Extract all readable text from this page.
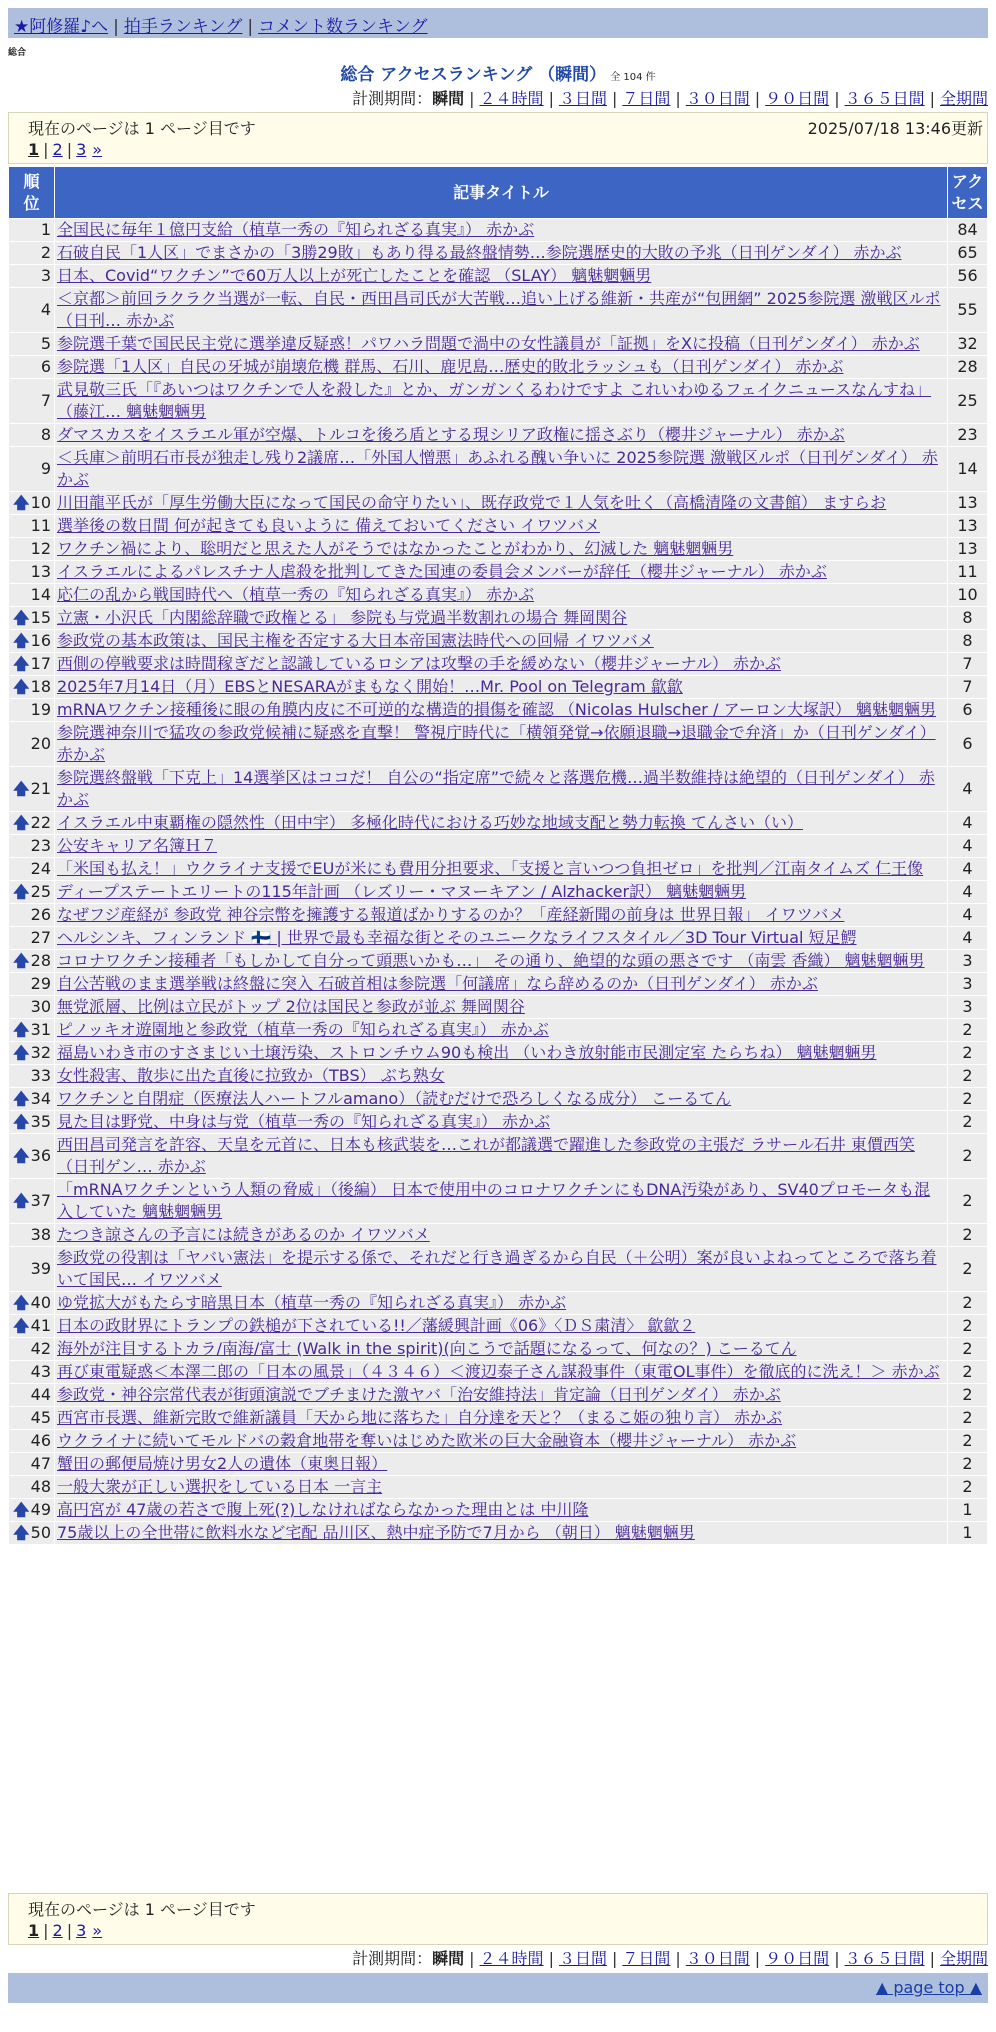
★阿修羅♪へ | 拍手ランキング | コメント数ランキング
総合
総合 アクセスランキング （瞬間） 全 104 件
計測期間：瞬間 | ２４時間 | ３日間 | ７日間 | ３０日間 | ９０日間 | ３６５日間 | 全期間
現在のページは 1 ページ目です	2025/07/18 13:46更新
1 | 2 | 3 »
順
位	記事タイトル	アク
セス
1	全国民に毎年１億円支給（植草一秀の『知られざる真実』） 赤かぶ	84
2	石破自民「1人区」でまさかの「3勝29敗」もあり得る最終盤情勢…参院選歴史的大敗の予兆（日刊ゲンダイ） 赤かぶ	65
3	日本、Covid“ワクチン”で60万人以上が死亡したことを確認 （SLAY） 魑魅魍魎男	56
4	＜京都＞前回ラクラク当選が一転、自民・西田昌司氏が大苦戦…追い上げる維新・共産が“包囲網” 2025参院選 激戦区ルポ（日刊… 赤かぶ	55
5	参院選千葉で国民民主党に選挙違反疑惑！パワハラ問題で渦中の女性議員が「証拠」をXに投稿（日刊ゲンダイ） 赤かぶ	32
6	参院選「1人区」自民の牙城が崩壊危機 群馬、石川、鹿児島…歴史的敗北ラッシュも（日刊ゲンダイ） 赤かぶ	28
7	武見敬三氏「『あいつはワクチンで人を殺した』とか、ガンガンくるわけですよ これいわゆるフェイクニュースなんすね」（藤江… 魑魅魍魎男	25
8	ダマスカスをイスラエル軍が空爆、トルコを後ろ盾とする現シリア政権に揺さぶり（櫻井ジャーナル） 赤かぶ	23
9	＜兵庫＞前明石市長が独走し残り2議席…「外国人憎悪」あふれる醜い争いに 2025参院選 激戦区ルポ（日刊ゲンダイ） 赤かぶ	14

🡅 10	川田龍平氏が「厚生労働大臣になって国民の命守りたい」、既存政党で１人気を吐く（高橋清隆の文書館） ますらお	13
11	選挙後の数日間 何が起きても良いように 備えておいてください イワツバメ	13
12	ワクチン禍により、聡明だと思えた人がそうではなかったことがわかり、幻滅した 魑魅魍魎男	13
13	イスラエルによるパレスチナ人虐殺を批判してきた国連の委員会メンバーが辞任（櫻井ジャーナル） 赤かぶ	11
14	応仁の乱から戦国時代へ（植草一秀の『知られざる真実』） 赤かぶ	10

🡅 15	立憲・小沢氏「内閣総辞職で政権とる」 参院も与党過半数割れの場合 舞岡関谷	8

🡅 16	参政党の基本政策は、国民主権を否定する大日本帝国憲法時代への回帰 イワツバメ	8

🡅 17	西側の停戦要求は時間稼ぎだと認識しているロシアは攻撃の手を緩めない（櫻井ジャーナル） 赤かぶ	7

🡅 18	2025年7月14日（月）EBSとNESARAがまもなく開始！…Mr. Pool on Telegram 歙歙	7
19	mRNAワクチン接種後に眼の角膜内皮に不可逆的な構造的損傷を確認 （Nicolas Hulscher / アーロン大塚訳） 魑魅魍魎男	6
20	参院選神奈川で猛攻の参政党候補に疑惑を直撃！ 警視庁時代に「横領発覚→依願退職→退職金で弁済」か（日刊ゲンダイ） 赤かぶ	6

🡅 21	参院選終盤戦「下克上」14選挙区はココだ！ 自公の“指定席”で続々と落選危機…過半数維持は絶望的（日刊ゲンダイ） 赤かぶ	4

🡅 22	イスラエル中東覇権の隠然性（田中宇） 多極化時代における巧妙な地域支配と勢力転換 てんさい（い）	4
23	公安キャリア名簿Ｈ７	4
24	「米国も払え！」ウクライナ支援でEUが米にも費用分担要求、「支援と言いつつ負担ゼロ」を批判／江南タイムズ 仁王像	4

🡅 25	ディープステートエリートの115年計画 （レズリー・マヌーキアン / Alzhacker訳） 魑魅魍魎男	4
26	なぜフジ産経が 参政党 神谷宗幣を擁護する報道ばかりするのか？「産経新聞の前身は 世界日報」 イワツバメ	4
27	ヘルシンキ、フィンランド 🇫🇮 | 世界で最も幸福な街とそのユニークなライフスタイル／3D Tour Virtual 短足鰐	4

🡅 28	コロナワクチン接種者「もしかして自分って頭悪いかも…」 その通り、絶望的な頭の悪さです （南雲 香織） 魑魅魍魎男	3
29	自公苦戦のまま選挙戦は終盤に突入 石破首相は参院選「何議席」なら辞めるのか（日刊ゲンダイ） 赤かぶ	3
30	無党派層、比例は立民がトップ 2位は国民と参政が並ぶ 舞岡関谷	3

🡅 31	ピノッキオ遊園地と参政党（植草一秀の『知られざる真実』） 赤かぶ	2

🡅 32	福島いわき市のすさまじい土壌汚染、ストロンチウム90も検出 （いわき放射能市民測定室 たらちね） 魑魅魍魎男	2
33	女性殺害、散歩に出た直後に拉致か（TBS） ぶち熟女	2

🡅 34	ワクチンと自閉症（医療法人ハートフルamano）（読むだけで恐ろしくなる成分） こーるてん	2

🡅 35	見た目は野党、中身は与党（植草一秀の『知られざる真実』） 赤かぶ	2

🡅 36	西田昌司発言を許容、天皇を元首に、日本も核武装を…これが都議選で躍進した参政党の主張だ ラサール石井 東價西笑（日刊ゲン… 赤かぶ	2

🡅 37	「mRNAワクチンという人類の脅威」（後編） 日本で使用中のコロナワクチンにもDNA汚染があり、SV40プロモータも混入していた 魑魅魍魎男	2
38	たつき諒さんの予言には続きがあるのか イワツバメ	2
39	参政党の役割は「ヤバい憲法」を提示する係で、それだと行き過ぎるから自民（＋公明）案が良いよねってところで落ち着いて国民… イワツバメ	2

🡅 40	ゆ党拡大がもたらす暗黒日本（植草一秀の『知られざる真実』） 赤かぶ	2

🡅 41	日本の政財界にトランプの鉄槌が下されている!!／藩緩興計画《06》〈ＤＳ粛清〉 歙歙２	2
42	海外が注目するトカラ/南海/富士 (Walk in the spirit)(向こうで話題になるって、何なの？) こーるてん	2
43	再び東電疑惑＜本澤二郎の「日本の風景」（４３４６）＜渡辺泰子さん謀殺事件（東電OL事件）を徹底的に洗え！＞ 赤かぶ	2
44	参政党・神谷宗常代表が街頭演説でブチまけた激ヤバ「治安維持法」肯定論（日刊ゲンダイ） 赤かぶ	2
45	西宮市長選、維新完敗で維新議員「天から地に落ちた」自分達を天と？（まるこ姫の独り言） 赤かぶ	2
46	ウクライナに続いてモルドバの穀倉地帯を奪いはじめた欧米の巨大金融資本（櫻井ジャーナル） 赤かぶ	2
47	蟹田の郵便局焼け男女2人の遺体（東奥日報）	2
48	一般大衆が正しい選択をしている日本 一言主	2

🡅 49	高円宮が 47歳の若さで腹上死(?)しなければならなかった理由とは 中川隆	1

🡅 50	75歳以上の全世帯に飲料水など宅配 品川区、熱中症予防で7月から （朝日） 魑魅魍魎男	1
現在のページは 1 ページ目です
1 | 2 | 3 »
計測期間：瞬間 | ２４時間 | ３日間 | ７日間 | ３０日間 | ９０日間 | ３６５日間 | 全期間
▲ page top ▲
